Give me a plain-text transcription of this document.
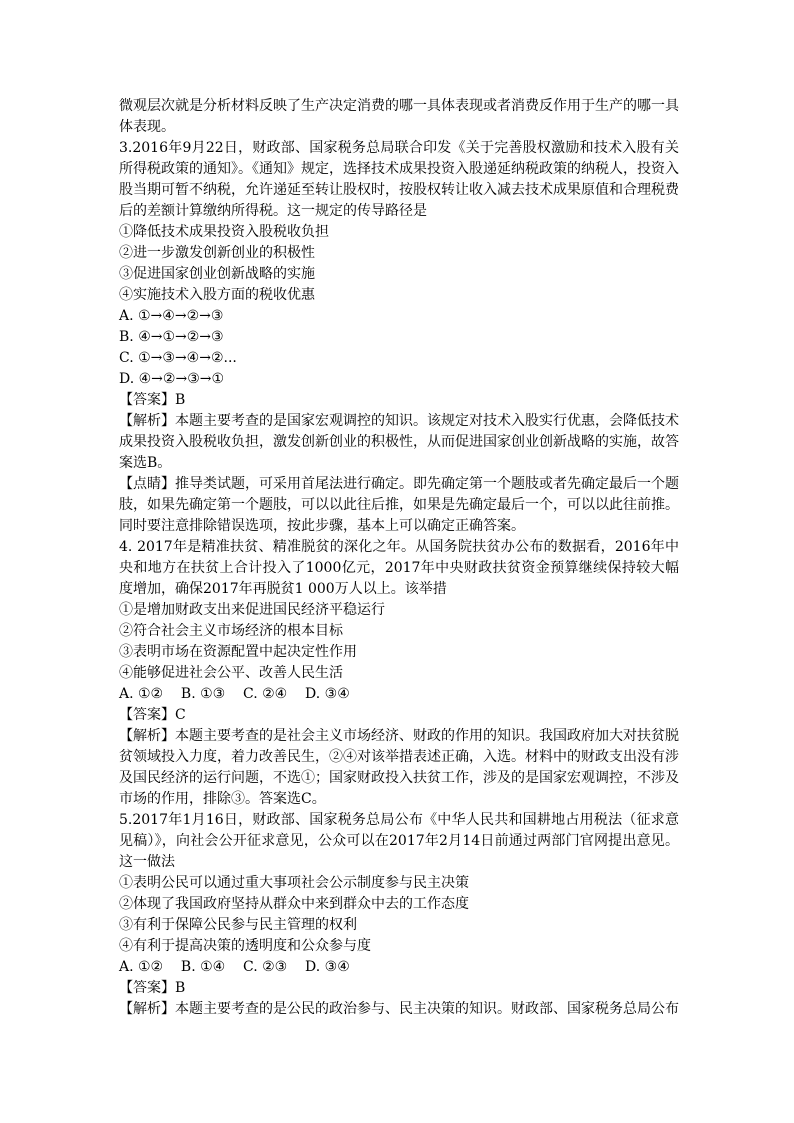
微观层次就是分析材料反映了生产决定消费的哪一具体表现或者消费反作用于生产的哪一具体表现。

3.2016年9月22日，财政部、国家税务总局联合印发《关于完善股权激励和技术入股有关所得税政策的通知》。《通知》规定，选择技术成果投资入股递延纳税政策的纳税人，投资入股当期可暂不纳税，允许递延至转让股权时，按股权转让收入减去技术成果原值和合理税费后的差额计算缴纳所得税。这一规定的传导路径是

①降低技术成果投资入股税收负担

②进一步激发创新创业的积极性

③促进国家创业创新战略的实施

④实施技术入股方面的税收优惠

A. ①→④→②→③

B. ④→①→②→③

C. ①→③→④→②...

D. ④→②→③→①

【答案】B

【解析】本题主要考查的是国家宏观调控的知识。该规定对技术入股实行优惠，会降低技术成果投资入股税收负担，激发创新创业的积极性，从而促进国家创业创新战略的实施，故答案选B。

【点睛】推导类试题，可采用首尾法进行确定。即先确定第一个题肢或者先确定最后一个题肢，如果先确定第一个题肢，可以以此往后推，如果是先确定最后一个，可以以此往前推。同时要注意排除错误选项，按此步骤，基本上可以确定正确答案。

4. 2017年是精准扶贫、精准脱贫的深化之年。从国务院扶贫办公布的数据看，2016年中央和地方在扶贫上合计投入了1000亿元，2017年中央财政扶贫资金预算继续保持较大幅度增加，确保2017年再脱贫1 000万人以上。该举措

①是增加财政支出来促进国民经济平稳运行

②符合社会主义市场经济的根本目标

③表明市场在资源配置中起决定性作用

④能够促进社会公平、改善人民生活

A. ①②    B. ①③    C. ②④    D. ③④

【答案】C

【解析】本题主要考查的是社会主义市场经济、财政的作用的知识。我国政府加大对扶贫脱贫领域投入力度，着力改善民生，②④对该举措表述正确，入选。材料中的财政支出没有涉及国民经济的运行问题，不选①；国家财政投入扶贫工作，涉及的是国家宏观调控，不涉及市场的作用，排除③。答案选C。

5.2017年1月16日，财政部、国家税务总局公布《中华人民共和国耕地占用税法（征求意见稿）》，向社会公开征求意见，公众可以在2017年2月14日前通过两部门官网提出意见。这一做法

①表明公民可以通过重大事项社会公示制度参与民主决策

②体现了我国政府坚持从群众中来到群众中去的工作态度

③有利于保障公民参与民主管理的权利

④有利于提高决策的透明度和公众参与度

A. ①②    B. ①④    C. ②③    D. ③④

【答案】B

【解析】本题主要考查的是公民的政治参与、民主决策的知识。财政部、国家税务总局公布
